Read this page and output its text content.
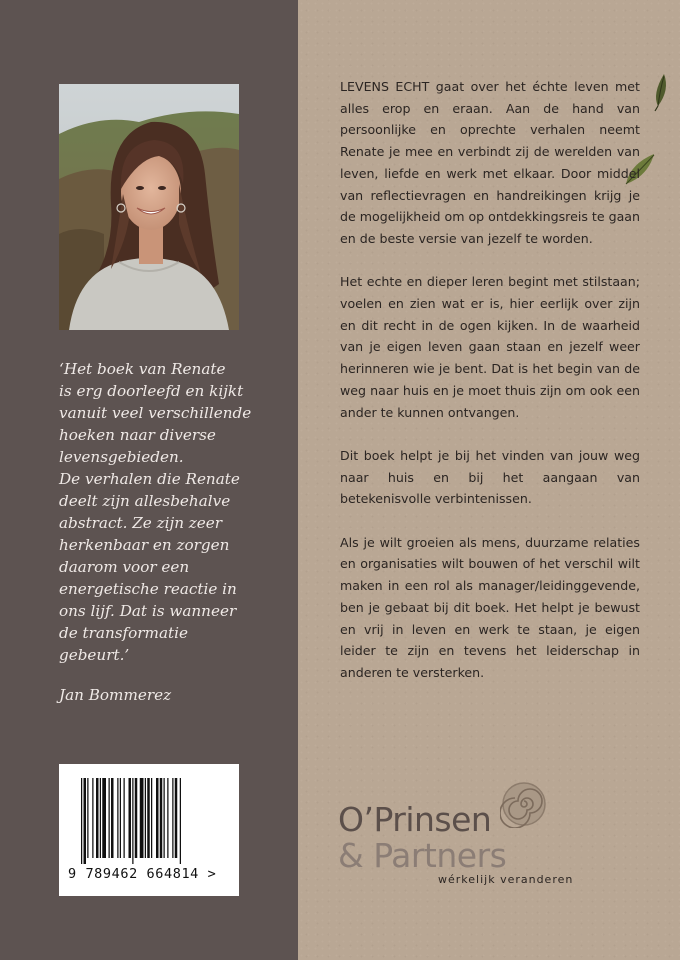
‘Het boek van Renate

is erg doorleefd en kijkt

vanuit veel verschillende

hoeken naar diverse

levensgebieden.

De verhalen die Renate

deelt zijn allesbehalve

abstract. Ze zijn zeer

herkenbaar en zorgen

daarom voor een

energetische reactie in

ons lijf. Dat is wanneer

de transformatie

gebeurt.’

Jan Bommerez

9 789462 664814 >

LEVENS ECHT gaat over het échte leven met alles erop en eraan. Aan de hand van persoonlijke en oprechte verhalen neemt Renate je mee en verbindt zij de werelden van leven, liefde en werk met elkaar. Door middel van reflectievragen en handreikingen krijg je de mogelijkheid om op ontdekkingsreis te gaan en de beste versie van jezelf te worden.

Het echte en dieper leren begint met stilstaan; voelen en zien wat er is, hier eerlijk over zijn en dit recht in de ogen kijken. In de waarheid van je eigen leven gaan staan en jezelf weer herinneren wie je bent. Dat is het begin van de weg naar huis en je moet thuis zijn om ook een ander te kunnen ontvangen.

Dit boek helpt je bij het vinden van jouw weg naar huis en bij het aangaan van betekenisvolle verbintenissen.

Als je wilt groeien als mens, duurzame relaties en organisaties wilt bouwen of het verschil wilt maken in een rol als manager/leidinggevende, ben je gebaat bij dit boek. Het helpt je bewust en vrij in leven en werk te staan, je eigen leider te zijn en tevens het leiderschap in anderen te versterken.

O’Prinsen
& Partners
wérkelijk veranderen
